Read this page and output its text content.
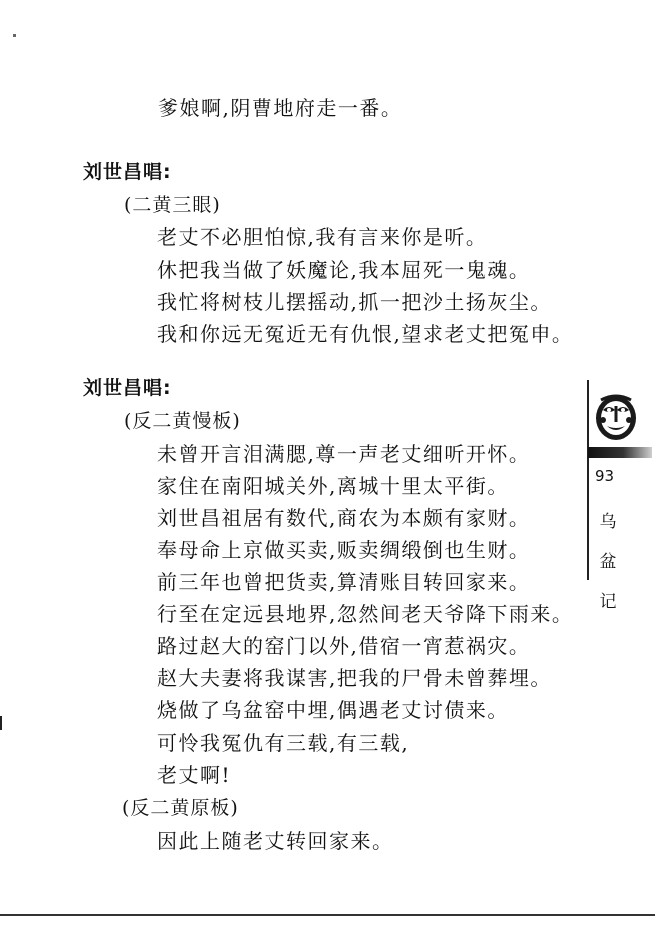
爹娘啊,阴曹地府走一番。
刘世昌唱:
(二黄三眼)
老丈不必胆怕惊,我有言来你是听。
休把我当做了妖魔论,我本屈死一鬼魂。
我忙将树枝儿摆摇动,抓一把沙土扬灰尘。
我和你远无冤近无有仇恨,望求老丈把冤申。
刘世昌唱:
(反二黄慢板)
未曾开言泪满腮,尊一声老丈细听开怀。
家住在南阳城关外,离城十里太平街。
刘世昌祖居有数代,商农为本颇有家财。
奉母命上京做买卖,贩卖绸缎倒也生财。
前三年也曾把货卖,算清账目转回家来。
行至在定远县地界,忽然间老天爷降下雨来。
路过赵大的窑门以外,借宿一宵惹祸灾。
赵大夫妻将我谋害,把我的尸骨未曾葬埋。
烧做了乌盆窑中埋,偶遇老丈讨债来。
可怜我冤仇有三载,有三载,
老丈啊!
(反二黄原板)
因此上随老丈转回家来。
93
乌
盆
记
